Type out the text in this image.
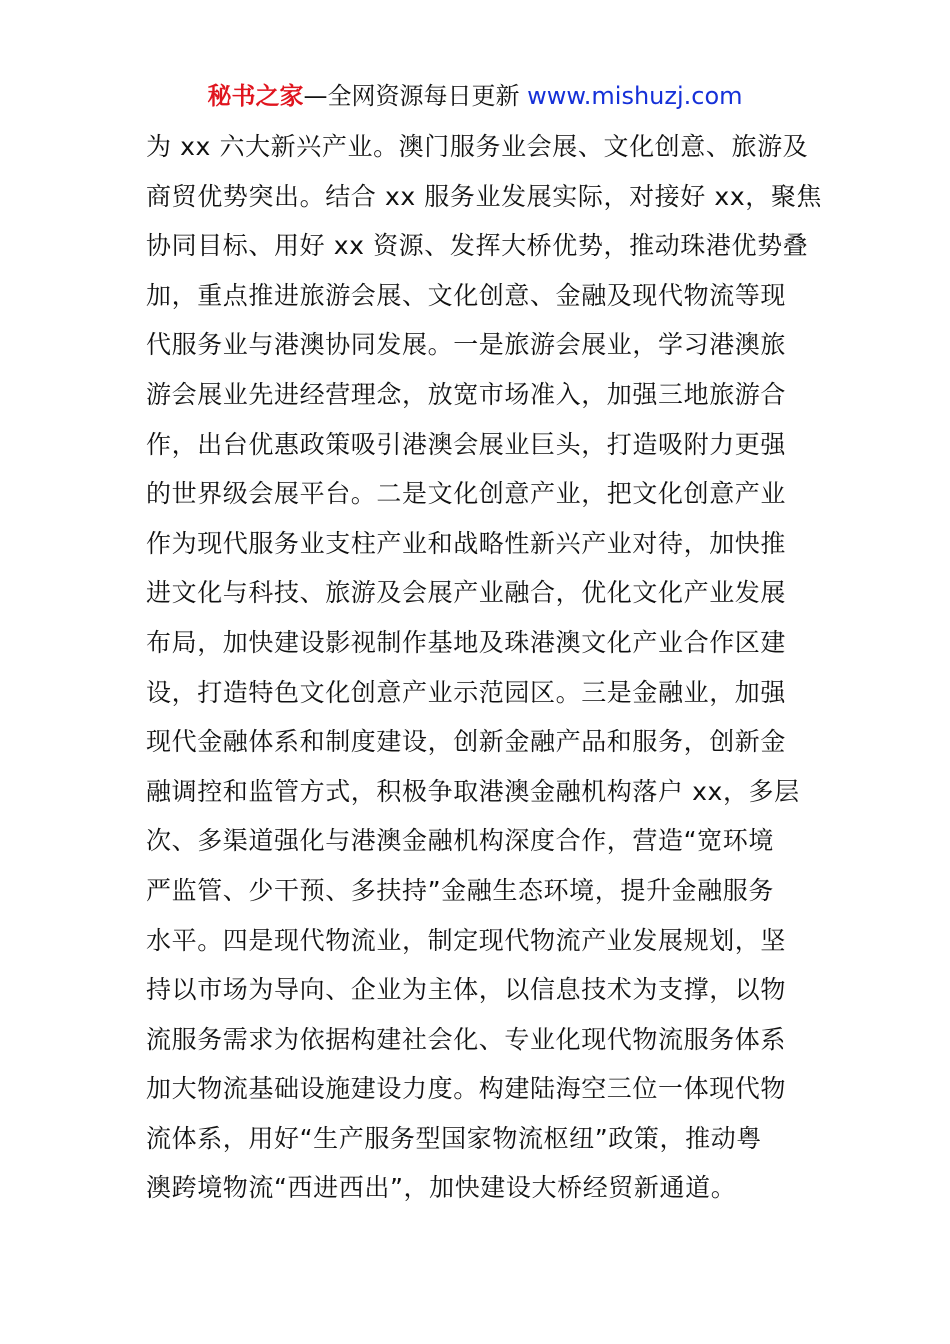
秘书之家—全网资源每日更新 www.mishuzj.com
为 xx 六大新兴产业。澳门服务业会展、文化创意、旅游及
商贸优势突出。结合 xx 服务业发展实际，对接好 xx，聚焦
协同目标、用好 xx 资源、发挥大桥优势，推动珠港优势叠
加，重点推进旅游会展、文化创意、金融及现代物流等现
代服务业与港澳协同发展。一是旅游会展业，学习港澳旅
游会展业先进经营理念，放宽市场准入，加强三地旅游合
作，出台优惠政策吸引港澳会展业巨头，打造吸附力更强
的世界级会展平台。二是文化创意产业，把文化创意产业
作为现代服务业支柱产业和战略性新兴产业对待，加快推
进文化与科技、旅游及会展产业融合，优化文化产业发展
布局，加快建设影视制作基地及珠港澳文化产业合作区建
设，打造特色文化创意产业示范园区。三是金融业，加强
现代金融体系和制度建设，创新金融产品和服务，创新金
融调控和监管方式，积极争取港澳金融机构落户 xx，多层
次、多渠道强化与港澳金融机构深度合作，营造“宽环境
严监管、少干预、多扶持”金融生态环境，提升金融服务
水平。四是现代物流业，制定现代物流产业发展规划，坚
持以市场为导向、企业为主体，以信息技术为支撑，以物
流服务需求为依据构建社会化、专业化现代物流服务体系
加大物流基础设施建设力度。构建陆海空三位一体现代物
流体系，用好“生产服务型国家物流枢纽”政策，推动粤
澳跨境物流“西进西出”，加快建设大桥经贸新通道。
